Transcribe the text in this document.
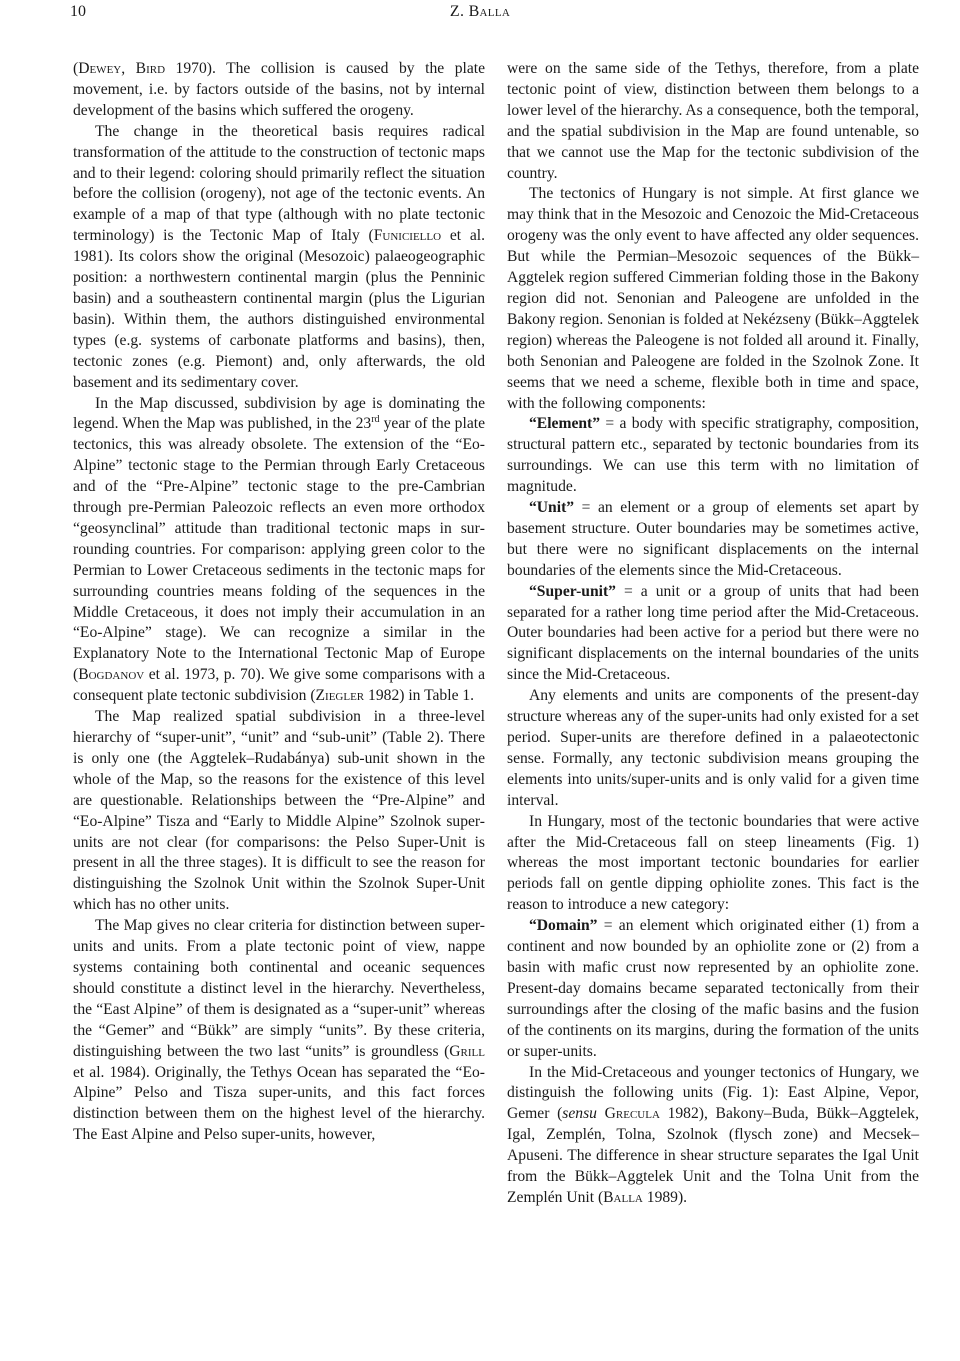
10	Z. Balla

(Dewey, Bird 1970). The collision is caused by the plate movement, i.e. by factors outside of the basins, not by internal development of the basins which suffered the orogeny.

The change in the theoretical basis requires radical transformation of the attitude to the construction of tectonic maps and to their legend: coloring should primarily reflect the situation before the collision (orogeny), not age of the tectonic events. An example of a map of that type (although with no plate tectonic terminology) is the Tectonic Map of Italy (Funiciello et al. 1981). Its colors show the original (Mesozoic) palaeogeographic position: a northwestern continental margin (plus the Penninic basin) and a southeastern continental margin (plus the Ligurian basin). Within them, the authors distinguished environmental types (e.g. systems of carbonate platforms and basins), then, tectonic zones (e.g. Piemont) and, only afterwards, the old basement and its sedimentary cover.

In the Map discussed, subdivision by age is dominating the legend. When the Map was published, in the 23rd year of the plate tectonics, this was already obsolete. The extension of the “Eo-Alpine” tectonic stage to the Permian through Early Cretaceous and of the “Pre-Alpine” tectonic stage to the pre-Cambrian through pre-Permian Paleozoic reflects an even more orthodox “geosynclinal” attitude than traditional tectonic maps in surrounding countries. For comparison: applying green color to the Permian to Lower Cretaceous sediments in the tectonic maps for surrounding countries means folding of the sequences in the Middle Cretaceous, it does not imply their accumulation in an “Eo-Alpine” stage). We can recognize a similar in the Explanatory Note to the International Tectonic Map of Europe (Bogdanov et al. 1973, p. 70). We give some comparisons with a consequent plate tectonic subdivision (Ziegler 1982) in Table 1.

The Map realized spatial subdivision in a three-level hierarchy of “super-unit”, “unit” and “sub-unit” (Table 2). There is only one (the Aggtelek–Rudabánya) sub-unit shown in the whole of the Map, so the reasons for the existence of this level are questionable. Relationships between the “Pre-Alpine” and “Eo-Alpine” Tisza and “Early to Middle Alpine” Szolnok super-units are not clear (for comparisons: the Pelso Super-Unit is present in all the three stages). It is difficult to see the reason for distinguishing the Szolnok Unit within the Szolnok Super-Unit which has no other units.

The Map gives no clear criteria for distinction between super-units and units. From a plate tectonic point of view, nappe systems containing both continental and oceanic sequences should constitute a distinct level in the hierarchy. Nevertheless, the “East Alpine” of them is designated as a “super-unit” whereas the “Gemer” and “Bükk” are simply “units”. By these criteria, distinguishing between the two last “units” is groundless (Grill et al. 1984). Originally, the Tethys Ocean has separated the “Eo-Alpine” Pelso and Tisza super-units, and this fact forces distinction between them on the highest level of the hierarchy. The East Alpine and Pelso super-units, however,

were on the same side of the Tethys, therefore, from a plate tectonic point of view, distinction between them belongs to a lower level of the hierarchy. As a consequence, both the temporal, and the spatial subdivision in the Map are found untenable, so that we cannot use the Map for the tectonic subdivision of the country.

The tectonics of Hungary is not simple. At first glance we may think that in the Mesozoic and Cenozoic the Mid-Cretaceous orogeny was the only event to have affected any older sequences. But while the Permian–Mesozoic sequences of the Bükk–Aggtelek region suffered Cimmerian folding those in the Bakony region did not. Senonian and Paleogene are unfolded in the Bakony region. Senonian is folded at Nekézseny (Bükk–Aggtelek region) whereas the Paleogene is not folded all around it. Finally, both Senonian and Paleogene are folded in the Szolnok Zone. It seems that we need a scheme, flexible both in time and space, with the following components:

“Element” = a body with specific stratigraphy, composition, structural pattern etc., separated by tectonic boundaries from its surroundings. We can use this term with no limitation of magnitude.

“Unit” = an element or a group of elements set apart by basement structure. Outer boundaries may be sometimes active, but there were no significant displacements on the internal boundaries of the elements since the Mid-Cretaceous.

“Super-unit” = a unit or a group of units that had been separated for a rather long time period after the Mid-Cretaceous. Outer boundaries had been active for a period but there were no significant displacements on the internal boundaries of the units since the Mid-Cretaceous.

Any elements and units are components of the present-day structure whereas any of the super-units had only existed for a set period. Super-units are therefore defined in a palaeotectonic sense. Formally, any tectonic subdivision means grouping the elements into units/super-units and is only valid for a given time interval.

In Hungary, most of the tectonic boundaries that were active after the Mid-Cretaceous fall on steep lineaments (Fig. 1) whereas the most important tectonic boundaries for earlier periods fall on gentle dipping ophiolite zones. This fact is the reason to introduce a new category:

“Domain” = an element which originated either (1) from a continent and now bounded by an ophiolite zone or (2) from a basin with mafic crust now represented by an ophiolite zone. Present-day domains became separated tectonically from their surroundings after the closing of the mafic basins and the fusion of the continents on its margins, during the formation of the units or super-units.

In the Mid-Cretaceous and younger tectonics of Hungary, we distinguish the following units (Fig. 1): East Alpine, Vepor, Gemer (sensu Grecula 1982), Bakony–Buda, Bükk–Aggtelek, Igal, Zemplén, Tolna, Szolnok (flysch zone) and Mecsek–Apuseni. The difference in shear structure separates the Igal Unit from the Bükk–Aggtelek Unit and the Tolna Unit from the Zemplén Unit (Balla 1989).
